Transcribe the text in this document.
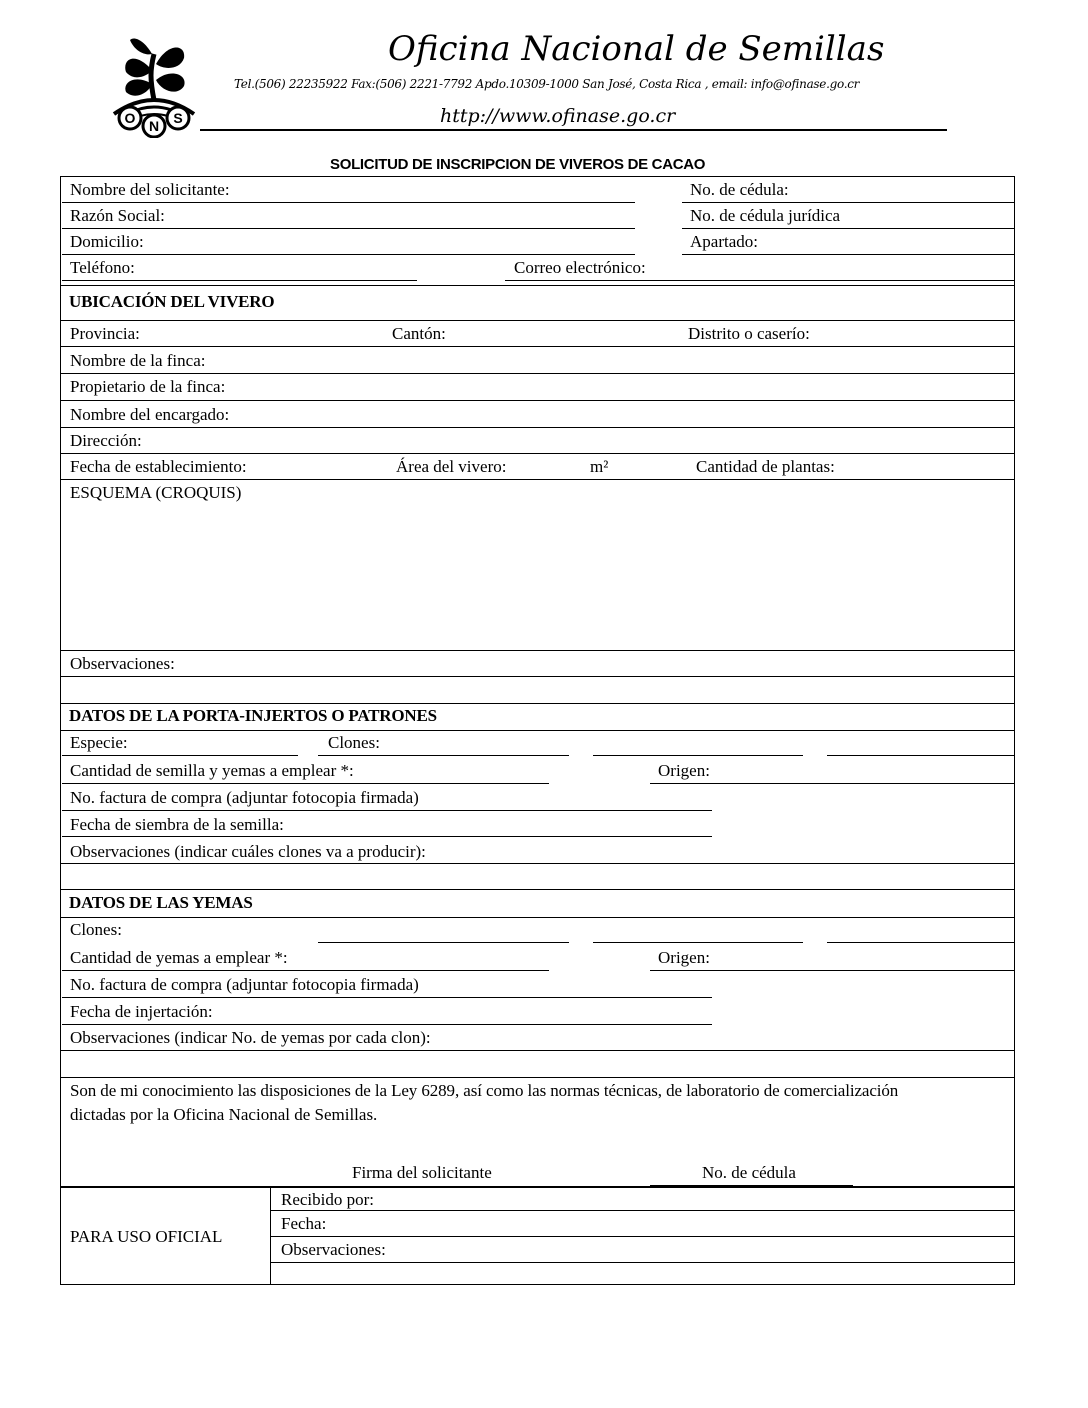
O N S
Oficina Nacional de Semillas
Tel.(506) 22235922 Fax:(506) 2221-7792 Apdo.10309-1000 San José, Costa Rica , email: info@ofinase.go.cr
http://www.ofinase.go.cr
SOLICITUD DE INSCRIPCION DE VIVEROS DE CACAO
Nombre del solicitante:	No. de cédula:
Razón Social:	No. de cédula jurídica
Domicilio:	Apartado:
Teléfono:	Correo electrónico:
UBICACIÓN DEL VIVERO
Provincia:	Cantón:	Distrito o caserío:
Nombre de la finca:
Propietario de la finca:
Nombre del encargado:
Dirección:
Fecha de establecimiento:	Área del vivero:	m²	Cantidad de plantas:
ESQUEMA (CROQUIS)
Observaciones:
DATOS DE LA PORTA-INJERTOS O PATRONES
Especie:	Clones:
Cantidad de semilla y yemas a emplear *:	Origen:
No. factura de compra (adjuntar fotocopia firmada)
Fecha de siembra de la semilla:
Observaciones (indicar cuáles clones va a producir):
DATOS DE LAS YEMAS
Clones:
Cantidad de yemas a emplear *:	Origen:
No. factura de compra (adjuntar fotocopia firmada)
Fecha de injertación:
Observaciones (indicar No. de yemas por cada clon):
Son de mi conocimiento las disposiciones de la Ley 6289, así como las normas técnicas, de laboratorio de comercialización
dictadas por la Oficina Nacional de Semillas.
Firma del solicitante	No. de cédula
PARA USO OFICIAL
Recibido por:
Fecha:
Observaciones:
